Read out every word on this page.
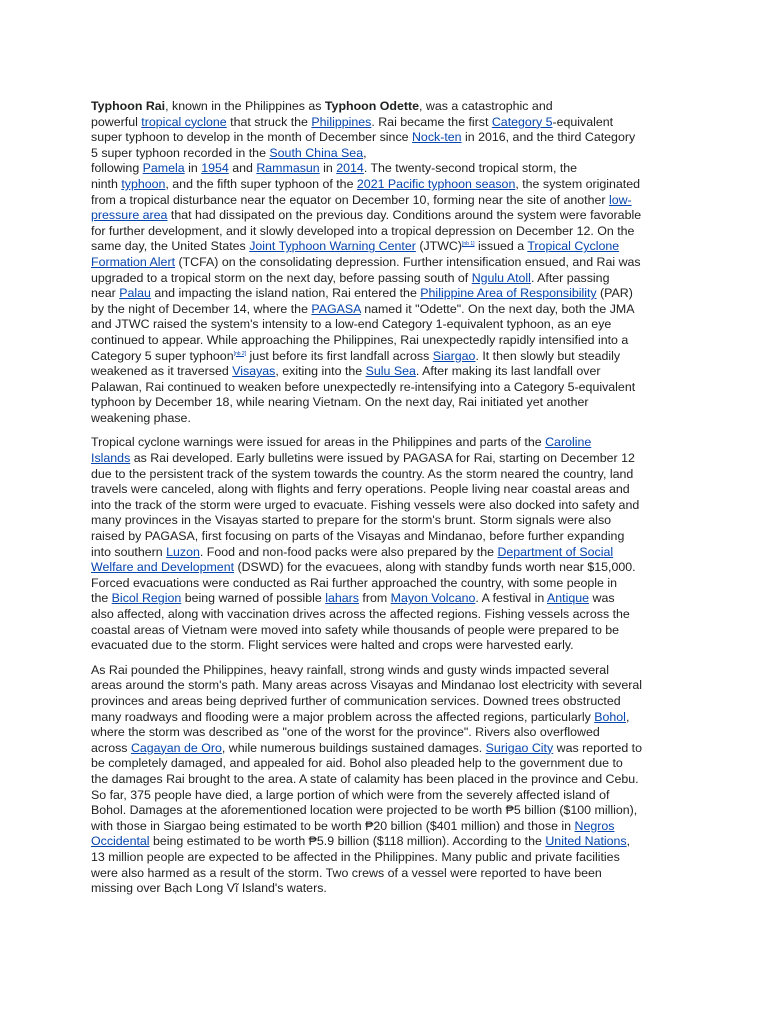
Typhoon Rai, known in the Philippines as Typhoon Odette, was a catastrophic and
powerful tropical cyclone that struck the Philippines. Rai became the first Category 5-equivalent
super typhoon to develop in the month of December since Nock-ten in 2016, and the third Category
5 super typhoon recorded in the South China Sea,
following Pamela in 1954 and Rammasun in 2014. The twenty-second tropical storm, the
ninth typhoon, and the fifth super typhoon of the 2021 Pacific typhoon season, the system originated
from a tropical disturbance near the equator on December 10, forming near the site of another low-
pressure area that had dissipated on the previous day. Conditions around the system were favorable
for further development, and it slowly developed into a tropical depression on December 12. On the
same day, the United States Joint Typhoon Warning Center (JTWC)[nb 1] issued a Tropical Cyclone
Formation Alert (TCFA) on the consolidating depression. Further intensification ensued, and Rai was
upgraded to a tropical storm on the next day, before passing south of Ngulu Atoll. After passing
near Palau and impacting the island nation, Rai entered the Philippine Area of Responsibility (PAR)
by the night of December 14, where the PAGASA named it "Odette". On the next day, both the JMA
and JTWC raised the system's intensity to a low-end Category 1-equivalent typhoon, as an eye
continued to appear. While approaching the Philippines, Rai unexpectedly rapidly intensified into a
Category 5 super typhoon[nb 2] just before its first landfall across Siargao. It then slowly but steadily
weakened as it traversed Visayas, exiting into the Sulu Sea. After making its last landfall over
Palawan, Rai continued to weaken before unexpectedly re-intensifying into a Category 5-equivalent
typhoon by December 18, while nearing Vietnam. On the next day, Rai initiated yet another
weakening phase.

Tropical cyclone warnings were issued for areas in the Philippines and parts of the Caroline
Islands as Rai developed. Early bulletins were issued by PAGASA for Rai, starting on December 12
due to the persistent track of the system towards the country. As the storm neared the country, land
travels were canceled, along with flights and ferry operations. People living near coastal areas and
into the track of the storm were urged to evacuate. Fishing vessels were also docked into safety and
many provinces in the Visayas started to prepare for the storm's brunt. Storm signals were also
raised by PAGASA, first focusing on parts of the Visayas and Mindanao, before further expanding
into southern Luzon. Food and non-food packs were also prepared by the Department of Social
Welfare and Development (DSWD) for the evacuees, along with standby funds worth near $15,000.
Forced evacuations were conducted as Rai further approached the country, with some people in
the Bicol Region being warned of possible lahars from Mayon Volcano. A festival in Antique was
also affected, along with vaccination drives across the affected regions. Fishing vessels across the
coastal areas of Vietnam were moved into safety while thousands of people were prepared to be
evacuated due to the storm. Flight services were halted and crops were harvested early.

As Rai pounded the Philippines, heavy rainfall, strong winds and gusty winds impacted several
areas around the storm's path. Many areas across Visayas and Mindanao lost electricity with several
provinces and areas being deprived further of communication services. Downed trees obstructed
many roadways and flooding were a major problem across the affected regions, particularly Bohol,
where the storm was described as "one of the worst for the province". Rivers also overflowed
across Cagayan de Oro, while numerous buildings sustained damages. Surigao City was reported to
be completely damaged, and appealed for aid. Bohol also pleaded help to the government due to
the damages Rai brought to the area. A state of calamity has been placed in the province and Cebu.
So far, 375 people have died, a large portion of which were from the severely affected island of
Bohol. Damages at the aforementioned location were projected to be worth ₱5 billion ($100 million),
with those in Siargao being estimated to be worth ₱20 billion ($401 million) and those in Negros
Occidental being estimated to be worth ₱5.9 billion ($118 million). According to the United Nations,
13 million people are expected to be affected in the Philippines. Many public and private facilities
were also harmed as a result of the storm. Two crews of a vessel were reported to have been
missing over Bạch Long Vĩ Island's waters.
